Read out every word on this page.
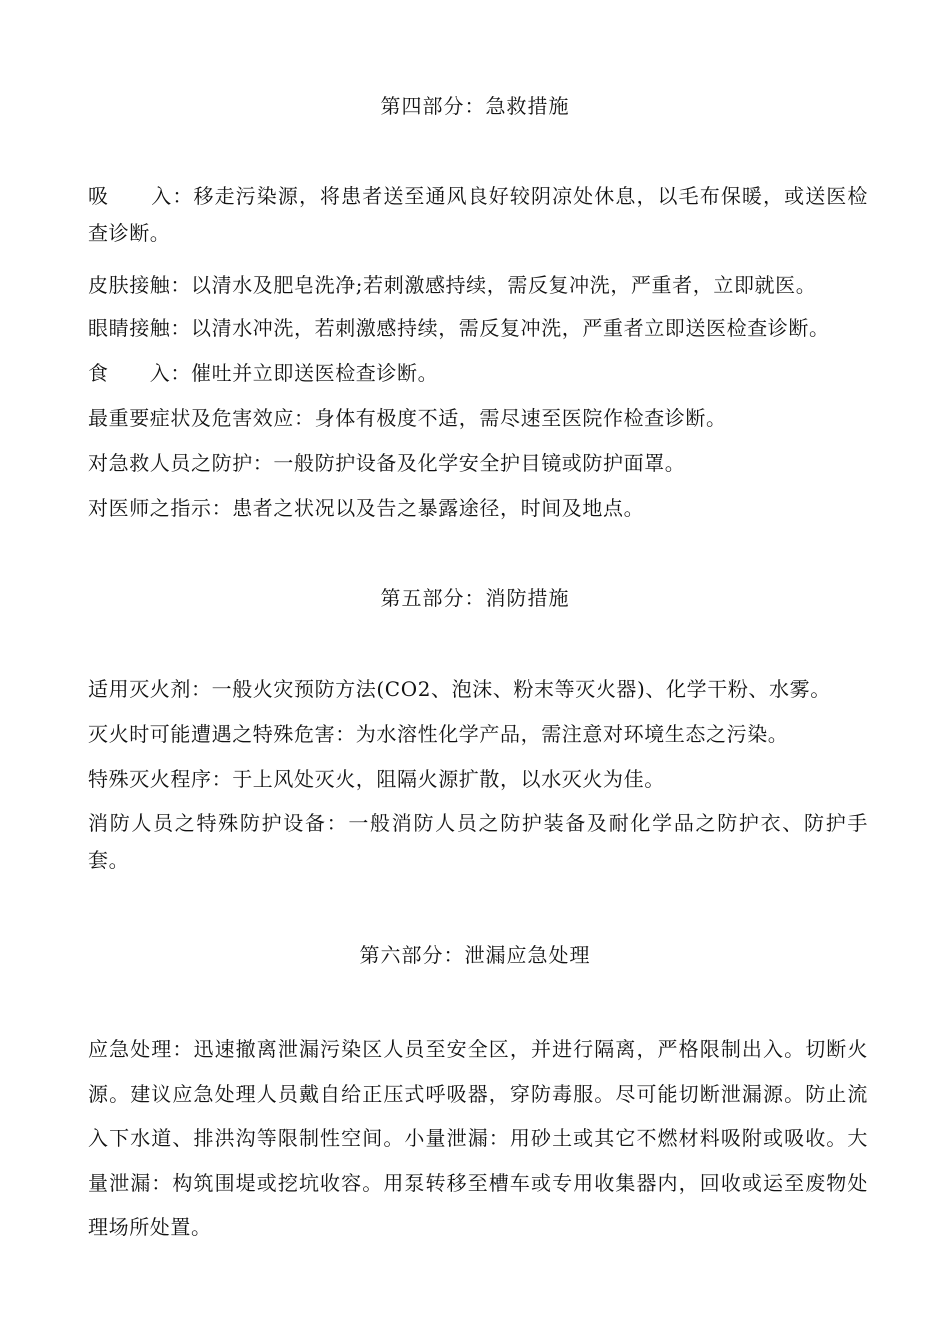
第四部分：急救措施
吸　　入：移走污染源，将患者送至通风良好较阴凉处休息，以毛布保暖，或送医检查诊断。
皮肤接触：以清水及肥皂洗净;若刺激感持续，需反复冲洗，严重者，立即就医。
眼睛接触：以清水冲洗，若刺激感持续，需反复冲洗，严重者立即送医检查诊断。
食　　入：催吐并立即送医检查诊断。
最重要症状及危害效应：身体有极度不适，需尽速至医院作检查诊断。
对急救人员之防护：一般防护设备及化学安全护目镜或防护面罩。
对医师之指示：患者之状况以及告之暴露途径，时间及地点。
第五部分：消防措施
适用灭火剂：一般火灾预防方法(CO2、泡沫、粉末等灭火器)、化学干粉、水雾。
灭火时可能遭遇之特殊危害：为水溶性化学产品，需注意对环境生态之污染。
特殊灭火程序：于上风处灭火，阻隔火源扩散，以水灭火为佳。
消防人员之特殊防护设备：一般消防人员之防护装备及耐化学品之防护衣、防护手套。
第六部分：泄漏应急处理
应急处理：迅速撤离泄漏污染区人员至安全区，并进行隔离，严格限制出入。切断火源。建议应急处理人员戴自给正压式呼吸器，穿防毒服。尽可能切断泄漏源。防止流入下水道、排洪沟等限制性空间。小量泄漏：用砂土或其它不燃材料吸附或吸收。大量泄漏：构筑围堤或挖坑收容。用泵转移至槽车或专用收集器内，回收或运至废物处理场所处置。
